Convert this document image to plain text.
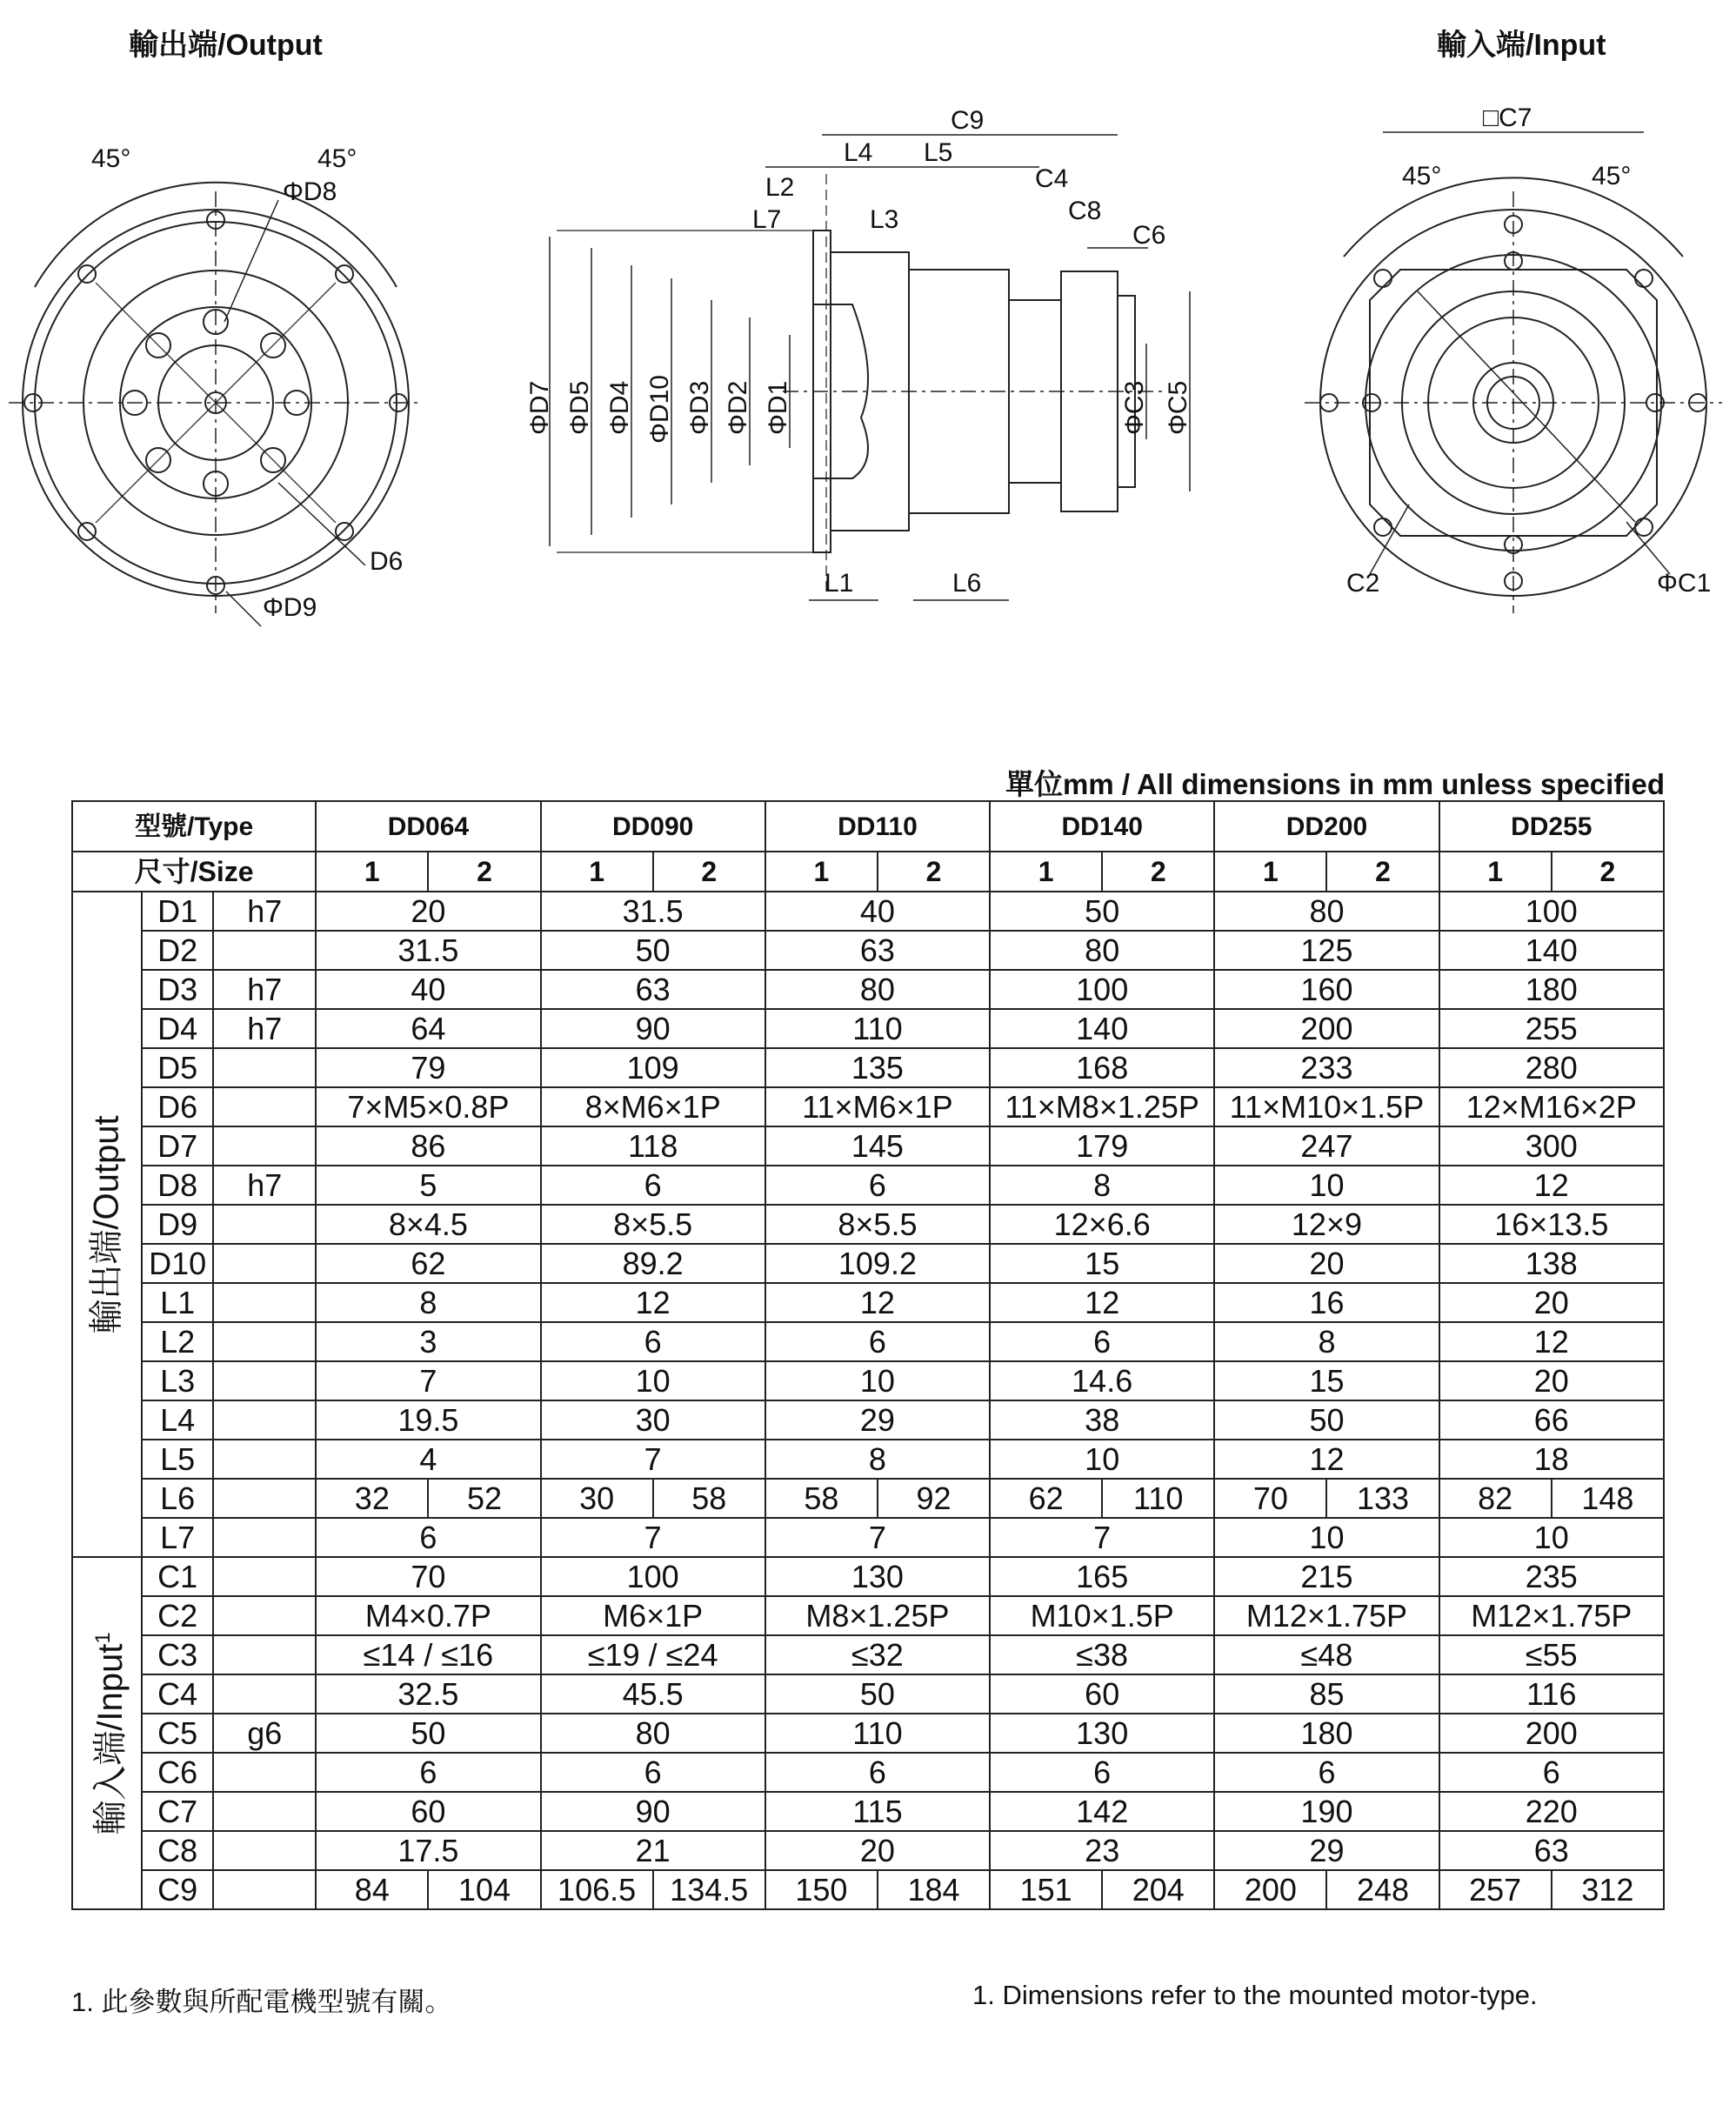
輸出端/Output	輸入端/Input
45°	45°
ΦD8
D6
ΦD9
C9
L4 L5
L2
L7	L3
C4
C8
C6
ΦD7 ΦD5 ΦD4 ΦD10 ΦD3 ΦD2 ΦD1	ΦC3 ΦC5
L1	L6
□C7
45°	45°
C2	ΦC1
單位mm / All dimensions in mm unless specified
型號/Type			DD064		DD090		DD110		DD140		DD200		DD255	
尺寸/Size			1	2	1	2	1	2	1	2	1	2	1	2

輸出端/Output	D1	h7	20		31.5		40		50		80		100	
	D2		31.5		50		63		80		125		140	
	D3	h7	40		63		80		100		160		180	
	D4	h7	64		90		110		140		200		255	
	D5		79		109		135		168		233		280	
	D6		7×M5×0.8P		8×M6×1P		11×M6×1P		11×M8×1.25P		11×M10×1.5P		12×M16×2P	
	D7		86		118		145		179		247		300	
	D8	h7	5		6		6		8		10		12	
	D9		8×4.5		8×5.5		8×5.5		12×6.6		12×9		16×13.5	
	D10		62		89.2		109.2		15		20		138	
	L1		8		12		12		12		16		20	
	L2		3		6		6		6		8		12	
	L3		7		10		10		14.6		15		20	
	L4		19.5		30		29		38		50		66	
	L5		4		7		8		10		12		18	
	L6		32	52	30	58	58	92	62	110	70	133	82	148
	L7		6		7		7		7		10		10	

輸入端/Input$^1$	C1		70		100		130		165		215		235	
	C2		M4×0.7P		M6×1P		M8×1.25P		M10×1.5P		M12×1.75P		M12×1.75P	
	C3		≤14 / ≤16		≤19 / ≤24		≤32		≤38		≤48		≤55	
	C4		32.5		45.5		50		60		85		116	
	C5	g6	50		80		110		130		180		200	
	C6		6		6		6		6		6		6	
	C7		60		90		115		142		190		220	
	C8		17.5		21		20		23		29		63	
	C9		84	104	106.5	134.5	150	184	151	204	200	248	257	312
1. 此參數與所配電機型號有關。	1. Dimensions refer to the mounted motor-type.
